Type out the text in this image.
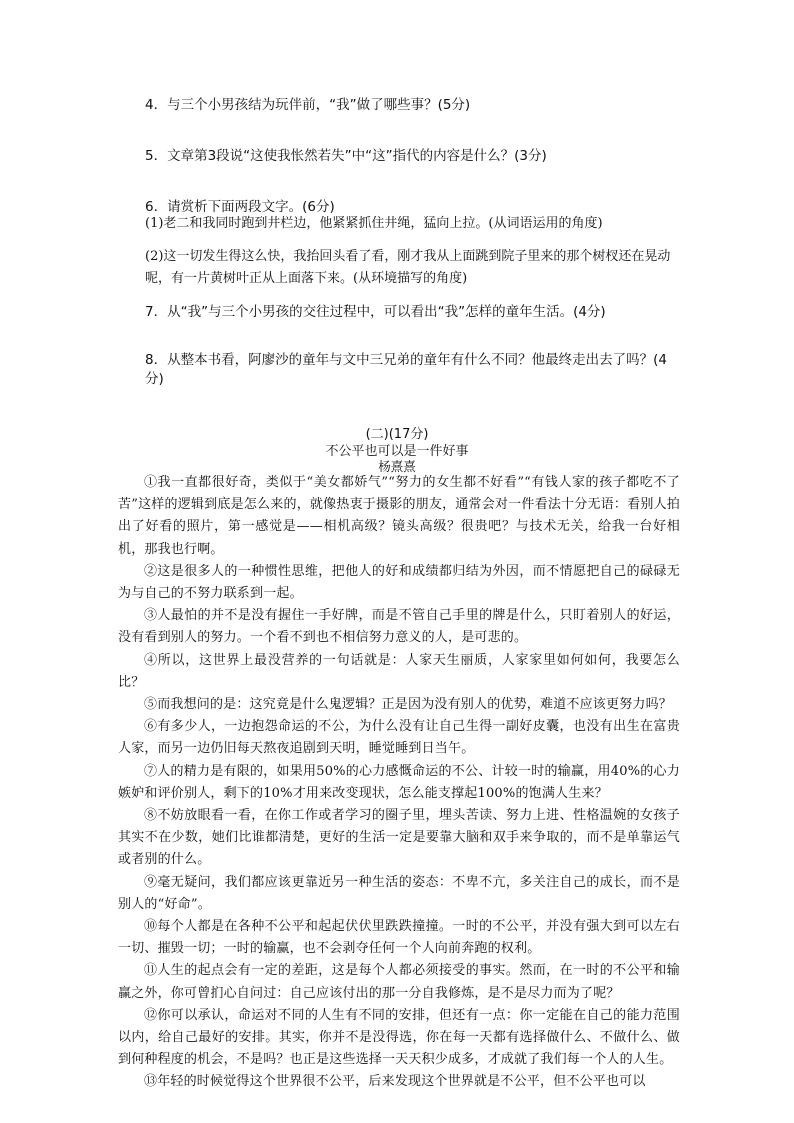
4．与三个小男孩结为玩伴前，“我”做了哪些事？(5分)
5．文章第3段说“这使我怅然若失”中“这”指代的内容是什么？(3分)
6．请赏析下面两段文字。(6分)
(1)老二和我同时跑到井栏边，他紧紧抓住井绳，猛向上拉。(从词语运用的角度)
(2)这一切发生得这么快，我抬回头看了看，刚才我从上面跳到院子里来的那个树杈还在晃动呢，有一片黄树叶正从上面落下来。(从环境描写的角度)
7．从“我”与三个小男孩的交往过程中，可以看出“我”怎样的童年生活。(4分)
8．从整本书看，阿廖沙的童年与文中三兄弟的童年有什么不同？他最终走出去了吗？(4分)
(二)(17分)
不公平也可以是一件好事
杨熹熹

①我一直都很好奇，类似于“美女都娇气”“努力的女生都不好看”“有钱人家的孩子都吃不了苦”这样的逻辑到底是怎么来的，就像热衷于摄影的朋友，通常会对一件看法十分无语：看别人拍出了好看的照片，第一感觉是——相机高级？镜头高级？很贵吧？与技术无关，给我一台好相机，那我也行啊。

②这是很多人的一种惯性思维，把他人的好和成绩都归结为外因，而不情愿把自己的碌碌无为与自己的不努力联系到一起。

③人最怕的并不是没有握住一手好牌，而是不管自己手里的牌是什么，只盯着别人的好运，没有看到别人的努力。一个看不到也不相信努力意义的人，是可悲的。

④所以，这世界上最没营养的一句话就是：人家天生丽质，人家家里如何如何，我要怎么比？

⑤而我想问的是：这究竟是什么鬼逻辑？正是因为没有别人的优势，难道不应该更努力吗？

⑥有多少人，一边抱怨命运的不公，为什么没有让自己生得一副好皮囊，也没有出生在富贵人家，而另一边仍旧每天熬夜追剧到天明，睡觉睡到日当午。

⑦人的精力是有限的，如果用50%的心力感慨命运的不公、计较一时的输赢，用40%的心力嫉妒和评价别人，剩下的10%才用来改变现状，怎么能支撑起100%的饱满人生来？

⑧不妨放眼看一看，在你工作或者学习的圈子里，埋头苦读、努力上进、性格温婉的女孩子其实不在少数，她们比谁都清楚，更好的生活一定是要靠大脑和双手来争取的，而不是单靠运气或者别的什么。

⑨毫无疑问，我们都应该更靠近另一种生活的姿态：不卑不亢，多关注自己的成长，而不是别人的“好命”。

⑩每个人都是在各种不公平和起起伏伏里跌跌撞撞。一时的不公平，并没有强大到可以左右一切、摧毁一切；一时的输赢，也不会剥夺任何一个人向前奔跑的权利。

⑪人生的起点会有一定的差距，这是每个人都必须接受的事实。然而，在一时的不公平和输赢之外，你可曾扪心自问过：自己应该付出的那一分自我修炼，是不是尽力而为了呢？

⑫你可以承认，命运对不同的人生有不同的安排，但还有一点：你一定能在自己的能力范围以内，给自己最好的安排。其实，你并不是没得选，你在每一天都有选择做什么、不做什么、做到何种程度的机会，不是吗？也正是这些选择一天天积少成多，才成就了我们每一个人的人生。

⑬年轻的时候觉得这个世界很不公平，后来发现这个世界就是不公平，但不公平也可以
